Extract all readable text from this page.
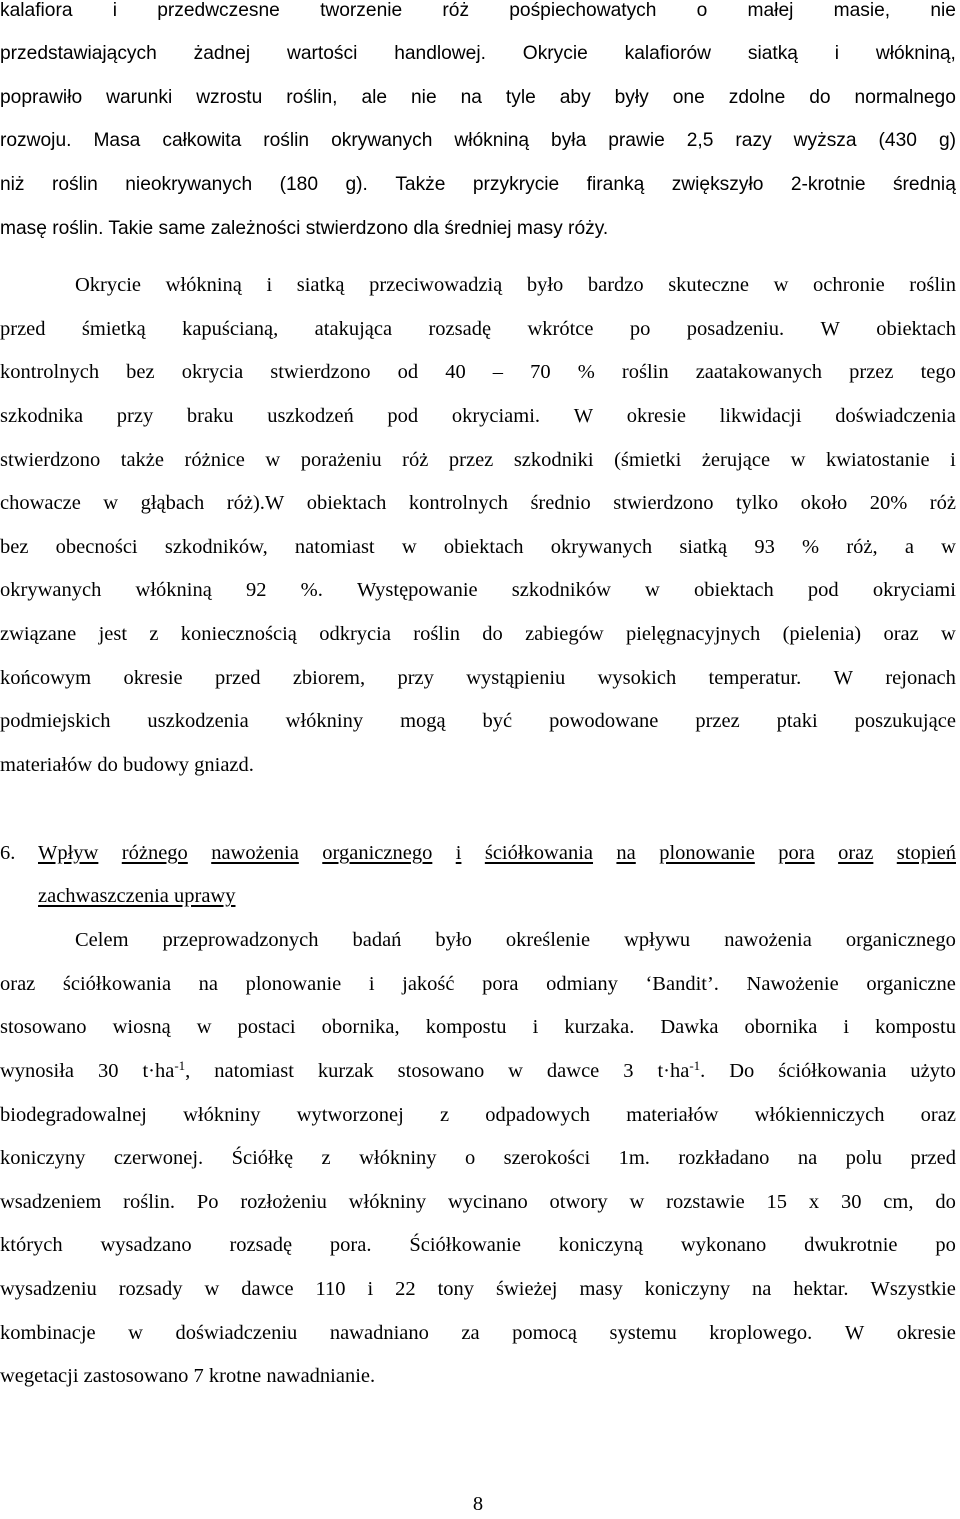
kalafiora i przedwczesne tworzenie róż pośpiechowatych o małej masie, nie
przedstawiających żadnej wartości handlowej. Okrycie kalafiorów siatką i włókniną,
poprawiło warunki wzrostu roślin, ale nie na tyle aby były one zdolne do normalnego
rozwoju. Masa całkowita roślin okrywanych włókniną była prawie 2,5 razy wyższa (430 g)
niż roślin nieokrywanych (180 g). Także przykrycie firanką zwiększyło 2-krotnie średnią
masę roślin. Takie same zależności stwierdzono dla średniej masy róży.
Okrycie włókniną i siatką przeciwowadzią było bardzo skuteczne w ochronie roślin
przed śmietką kapuścianą, atakująca rozsadę wkrótce po posadzeniu. W obiektach
kontrolnych bez okrycia stwierdzono od 40 – 70 % roślin zaatakowanych przez tego
szkodnika przy braku uszkodzeń pod okryciami. W okresie likwidacji doświadczenia
stwierdzono także różnice w porażeniu róż przez szkodniki (śmietki żerujące w kwiatostanie i
chowacze w głąbach róż).W obiektach kontrolnych średnio stwierdzono tylko około 20% róż
bez obecności szkodników, natomiast w obiektach okrywanych siatką 93 % róż, a w
okrywanych włókniną 92 %. Występowanie szkodników w obiektach pod okryciami
związane jest z koniecznością odkrycia roślin do zabiegów pielęgnacyjnych (pielenia) oraz w
końcowym okresie przed zbiorem, przy wystąpieniu wysokich temperatur. W rejonach
podmiejskich uszkodzenia włókniny mogą być powodowane przez ptaki poszukujące
materiałów do budowy gniazd.
6.	Wpływ różnego nawożenia organicznego i ściółkowania na plonowanie pora oraz stopień
zachwaszczenia uprawy
Celem przeprowadzonych badań było określenie wpływu nawożenia organicznego
oraz ściółkowania na plonowanie i jakość pora odmiany ‘Bandit’. Nawożenie organiczne
stosowano wiosną w postaci obornika, kompostu i kurzaka. Dawka obornika i kompostu
wynosiła 30 $t\cdot ha^{-1}$, natomiast kurzak stosowano w dawce 3 $t\cdot ha^{-1}$. Do ściółkowania użyto
biodegradowalnej włókniny wytworzonej z odpadowych materiałów włókienniczych oraz
koniczyny czerwonej. Ściółkę z włókniny o szerokości 1m. rozkładano na polu przed
wsadzeniem roślin. Po rozłożeniu włókniny wycinano otwory w rozstawie 15 x 30 cm, do
których wysadzano rozsadę pora. Ściółkowanie koniczyną wykonano dwukrotnie po
wysadzeniu rozsady w dawce 110 i 22 tony świeżej masy koniczyny na hektar. Wszystkie
kombinacje w doświadczeniu nawadniano za pomocą systemu kroplowego. W okresie
wegetacji zastosowano 7 krotne nawadnianie.
8
